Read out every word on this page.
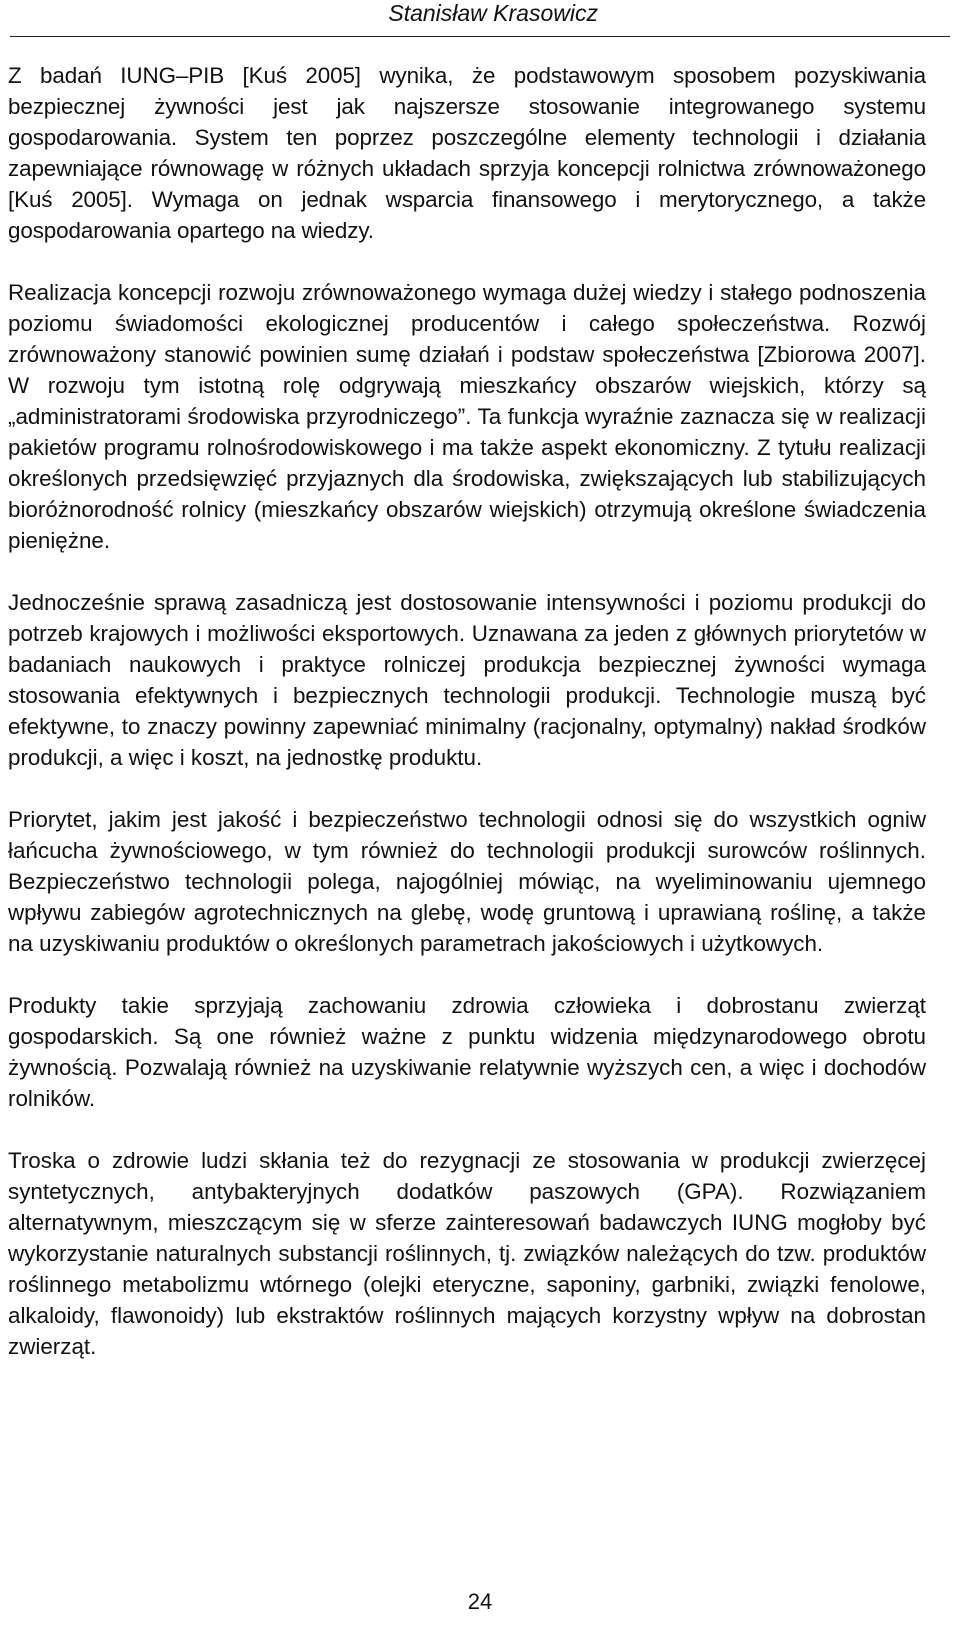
Stanisław Krasowicz

Z badań IUNG–PIB [Kuś 2005] wynika, że podstawowym sposobem pozyskiwania bezpiecznej żywności jest jak najszersze stosowanie integrowanego systemu gospodarowania. System ten poprzez poszczególne elementy technologii i działania zapewniające równowagę w różnych układach sprzyja koncepcji rolnictwa zrównoważonego [Kuś 2005]. Wymaga on jednak wsparcia finansowego i merytorycznego, a także gospodarowania opartego na wiedzy.

Realizacja koncepcji rozwoju zrównoważonego wymaga dużej wiedzy i stałego podnoszenia poziomu świadomości ekologicznej producentów i całego społeczeństwa. Rozwój zrównoważony stanowić powinien sumę działań i podstaw społeczeństwa [Zbiorowa 2007]. W rozwoju tym istotną rolę odgrywają mieszkańcy obszarów wiejskich, którzy są „administratorami środowiska przyrodniczego”. Ta funkcja wyraźnie zaznacza się w realizacji pakietów programu rolnośrodowiskowego i ma także aspekt ekonomiczny. Z tytułu realizacji określonych przedsięwzięć przyjaznych dla środowiska, zwiększających lub stabilizujących bioróżnorodność rolnicy (mieszkańcy obszarów wiejskich) otrzymują określone świadczenia pieniężne.

Jednocześnie sprawą zasadniczą jest dostosowanie intensywności i poziomu produkcji do potrzeb krajowych i możliwości eksportowych. Uznawana za jeden z głównych priorytetów w badaniach naukowych i praktyce rolniczej produkcja bezpiecznej żywności wymaga stosowania efektywnych i bezpiecznych technologii produkcji. Technologie muszą być efektywne, to znaczy powinny zapewniać minimalny (racjonalny, optymalny) nakład środków produkcji, a więc i koszt, na jednostkę produktu.

Priorytet, jakim jest jakość i bezpieczeństwo technologii odnosi się do wszystkich ogniw łańcucha żywnościowego, w tym również do technologii produkcji surowców roślinnych. Bezpieczeństwo technologii polega, najogólniej mówiąc, na wyeliminowaniu ujemnego wpływu zabiegów agrotechnicznych na glebę, wodę gruntową i uprawianą roślinę, a także na uzyskiwaniu produktów o określonych parametrach jakościowych i użytkowych.

Produkty takie sprzyjają zachowaniu zdrowia człowieka i dobrostanu zwierząt gospodarskich. Są one również ważne z punktu widzenia międzynarodowego obrotu żywnością. Pozwalają również na uzyskiwanie relatywnie wyższych cen, a więc i dochodów rolników.

Troska o zdrowie ludzi skłania też do rezygnacji ze stosowania w produkcji zwierzęcej syntetycznych, antybakteryjnych dodatków paszowych (GPA). Rozwiązaniem alternatywnym, mieszczącym się w sferze zainteresowań badawczych IUNG mogłoby być wykorzystanie naturalnych substancji roślinnych, tj. związków należących do tzw. produktów roślinnego metabolizmu wtórnego (olejki eteryczne, saponiny, garbniki, związki fenolowe, alkaloidy, flawonoidy) lub ekstraktów roślinnych mających korzystny wpływ na dobrostan zwierząt.

24
